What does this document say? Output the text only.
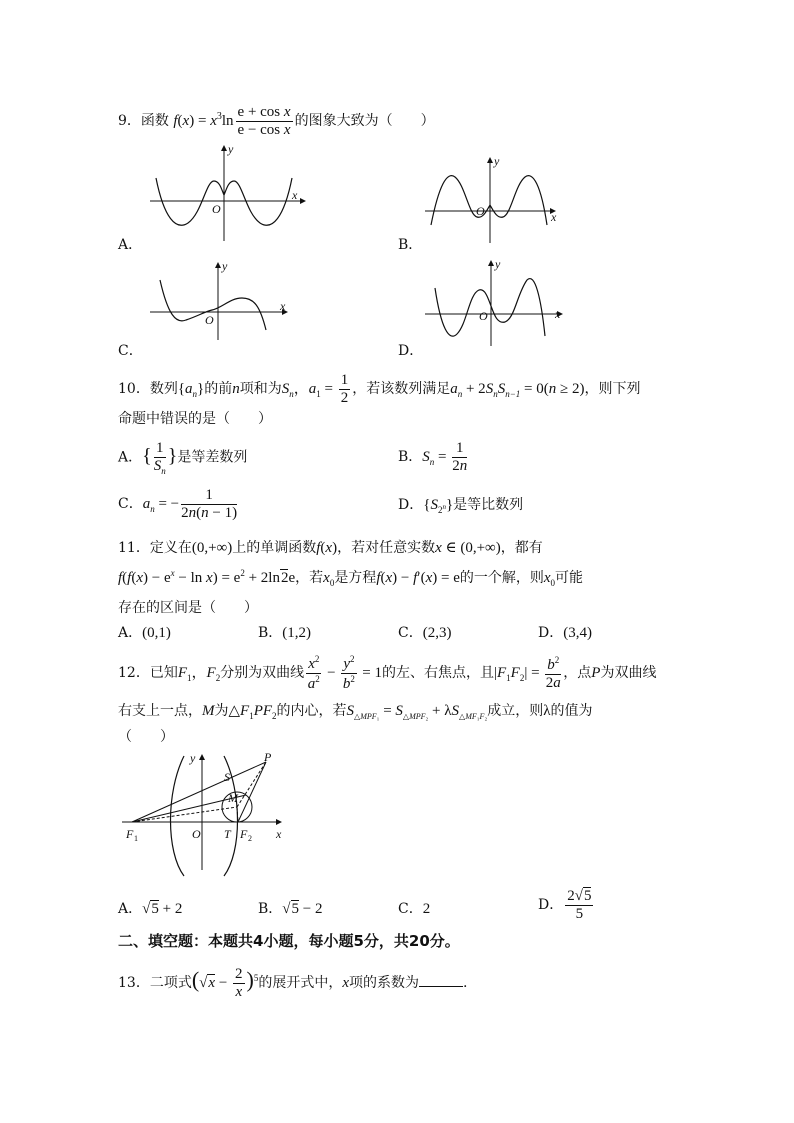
9．函数 $f(x) = x^3\ln \frac{\text{e + cos x}}{\text{e − cos x}}$ 的图象大致为（　　）
y
x
O
A．
y
x
O
B．
y
x
O
C．
y
x
O
D．
10．数列$\{a_n\}$的前n项和为$S_n$，$a_1 = \frac{1}{2}$ ，若该数列满足$a_n + 2S_nS_{n-1} = 0(n \ge 2)$，则下列
命题中错误的是（　　）
A．{ $\frac{1}{S_n}$ }是等差数列	B．$S_n = \frac{1}{2n}$
C．$a_n$ = − $\frac{1}{2n(n - 1)}$	D．$\{S_{2^n}\}$是等比数列
11．定义在(0,+∞)上的单调函数f(x)，若对任意实数x ∈ (0,+∞)，都有
$f(f(x) - e^x - \ln x) = e^2 + 2\ln 2e$，若$x_0$是方程f(x) − f′(x) = e的一个解，则$x_0$可能
存在的区间是（　　）
A．(0,1)	B．(1,2)	C．(2,3)	D．(3,4)
12．已知$F_1$，$F_2$分别为双曲线 $\frac{x^2}{a^2} - \frac{y^2}{b^2} = 1$的左、右焦点，且$|F_1F_2| = \frac{b^2}{2a}$ ，点P为双曲线
右支上一点，M为$\triangle F_1PF_2$的内心，若$S_{\triangle MPF_1} = S_{\triangle MPF_2} + \lambda S_{\triangle MF_1F_2}$成立，则λ的值为
（　　）
P
S
M
y
x
O T
F 1	F 2
A．√5 + 2	B．√5 − 2	C．2	D． $\frac{2√5}{5}$
二、填空题：本题共4小题，每小题5分，共20分。
13．二项式$(√x - \frac{2}{x} )^5$的展开式中，x项的系数为	.
